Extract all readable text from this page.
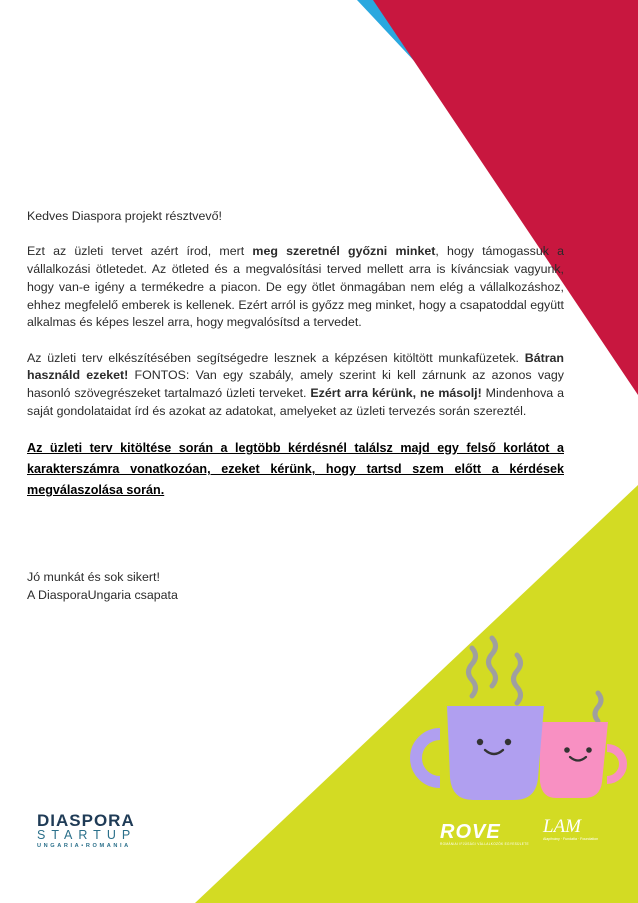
Kedves Diaspora projekt résztvevő!

Ezt az üzleti tervet azért írod, mert meg szeretnél győzni minket, hogy támogassuk a vállalkozási ötletedet. Az ötleted és a megvalósítási terved mellett arra is kíváncsiak vagyunk, hogy van-e igény a termékedre a piacon. De egy ötlet önmagában nem elég a vállalkozáshoz, ehhez megfelelő emberek is kellenek. Ezért arról is győzz meg minket, hogy a csapatoddal együtt alkalmas és képes leszel arra, hogy megvalósítsd a tervedet.

Az üzleti terv elkészítésében segítségedre lesznek a képzésen kitöltött munkafüzetek. Bátran használd ezeket! FONTOS: Van egy szabály, amely szerint ki kell zárnunk az azonos vagy hasonló szövegrészeket tartalmazó üzleti terveket. Ezért arra kérünk, ne másolj! Mindenhova a saját gondolataidat írd és azokat az adatokat, amelyeket az üzleti tervezés során szereztél.

Az üzleti terv kitöltése során a legtöbb kérdésnél találsz majd egy felső korlátot a karakterszámra vonatkozóan, ezeket kérünk, hogy tartsd szem előtt a kérdések megválaszolása során.

Jó munkát és sok sikert!
A DiasporaUngaria csapata
DIASPORA
STARTUP
UNGARIA•ROMANIA
ROVE
ROMÁNIAI IFJÚSÁGI VÁLLALKOZÓK EGYESÜLETE
LAM
Alapítvány · Fundatia · Foundation
